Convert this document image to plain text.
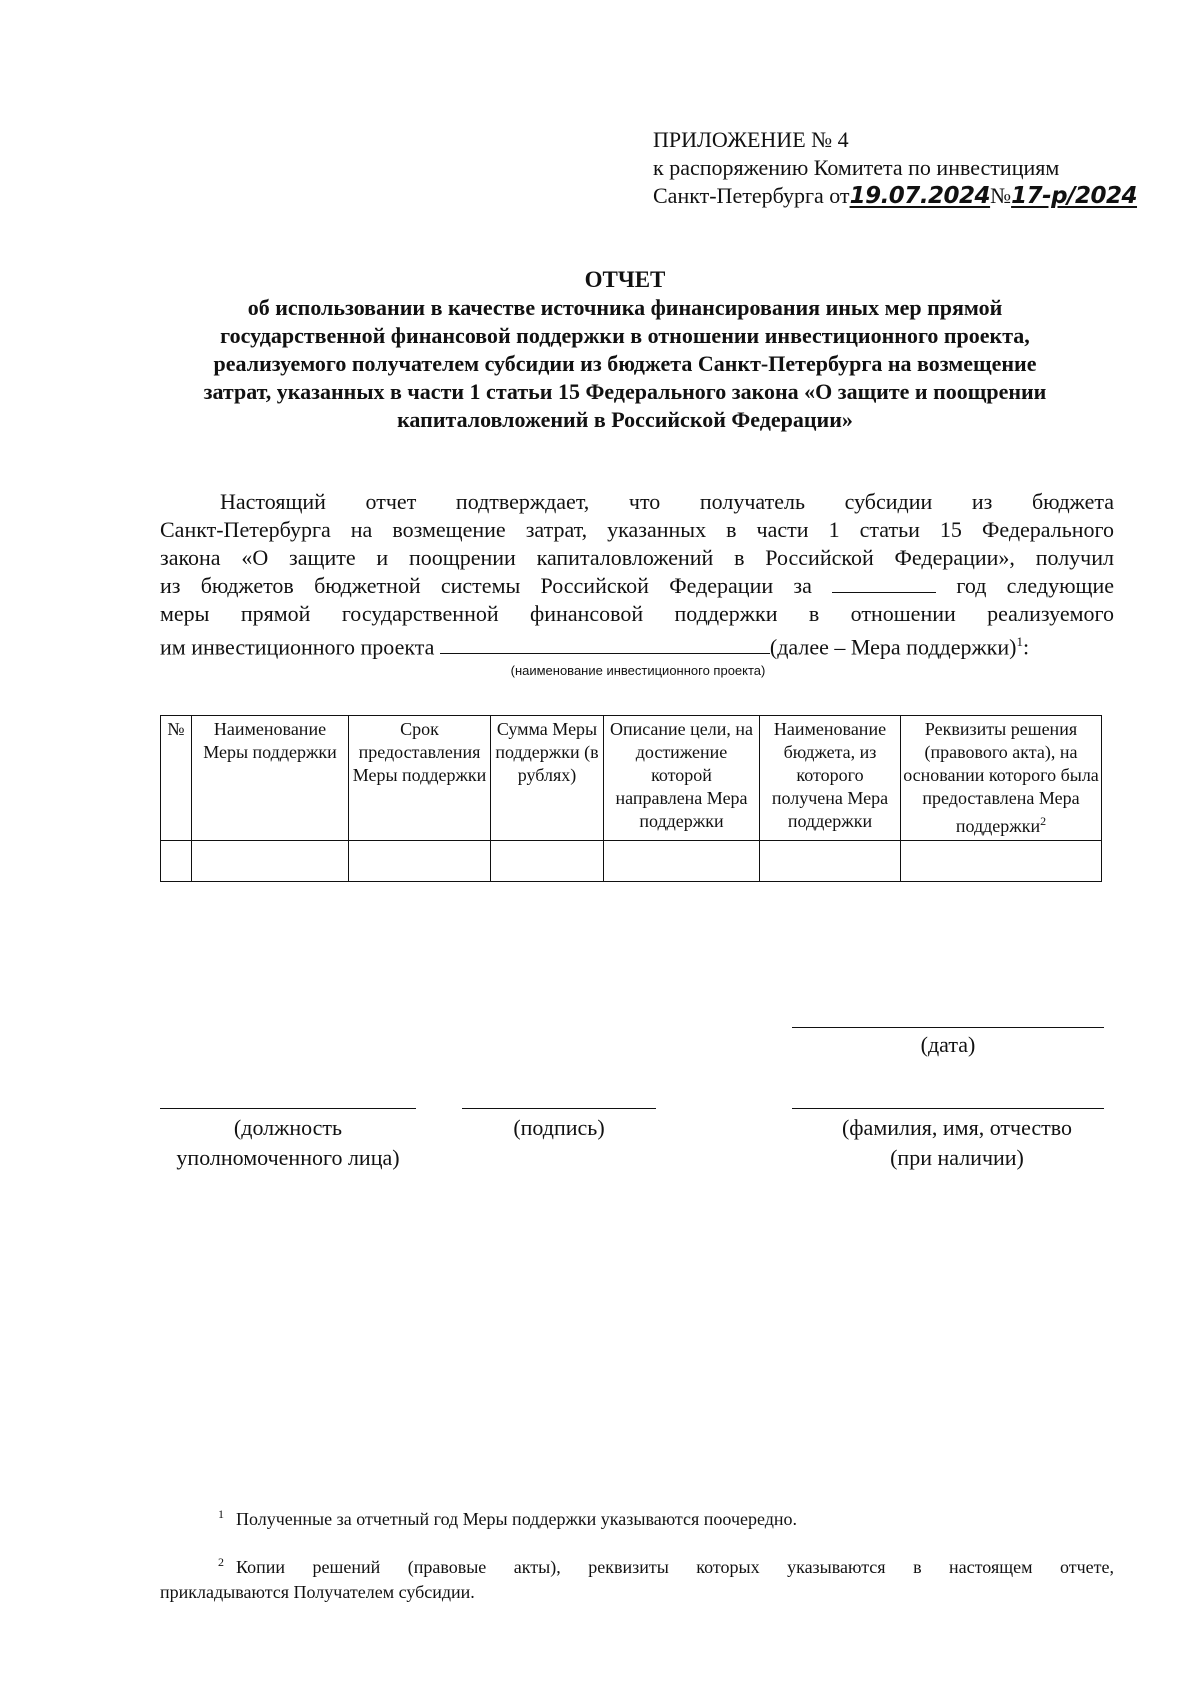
ПРИЛОЖЕНИЕ № 4
к распоряжению Комитета по инвестициям
Санкт-Петербурга от19.07.2024№17-р/2024
ОТЧЕТ
об использовании в качестве источника финансирования иных мер прямой
государственной финансовой поддержки в отношении инвестиционного проекта,
реализуемого получателем субсидии из бюджета Санкт-Петербурга на возмещение
затрат, указанных в части 1 статьи 15 Федерального закона «О защите и поощрении
капиталовложений в Российской Федерации»
Настоящий отчет подтверждает, что получатель субсидии из бюджета
Санкт-Петербурга на возмещение затрат, указанных в части 1 статьи 15 Федерального
закона «О защите и поощрении капиталовложений в Российской Федерации», получил
из бюджетов бюджетной системы Российской Федерации за	год следующие
меры прямой государственной финансовой поддержки в отношении реализуемого
им инвестиционного проекта	(далее – Мера поддержки)$^1$:
(наименование инвестиционного проекта)
№	Наименование Меры поддержки	Срок предоставления Меры поддержки	Сумма Меры поддержки (в рублях)	Описание цели, на достижение которой направлена Мера поддержки	Наименование бюджета, из которого получена Мера поддержки	Реквизиты решения (правового акта), на основании которого была предоставлена Мера поддержки$^2$

(дата)
(должность
уполномоченного лица)
(подпись)	(фамилия, имя, отчество
(при наличии)
$^1$ Полученные за отчетный год Меры поддержки указываются поочередно.
$^2$ Копии решений (правовые акты), реквизиты которых указываются в настоящем отчете,
прикладываются Получателем субсидии.
